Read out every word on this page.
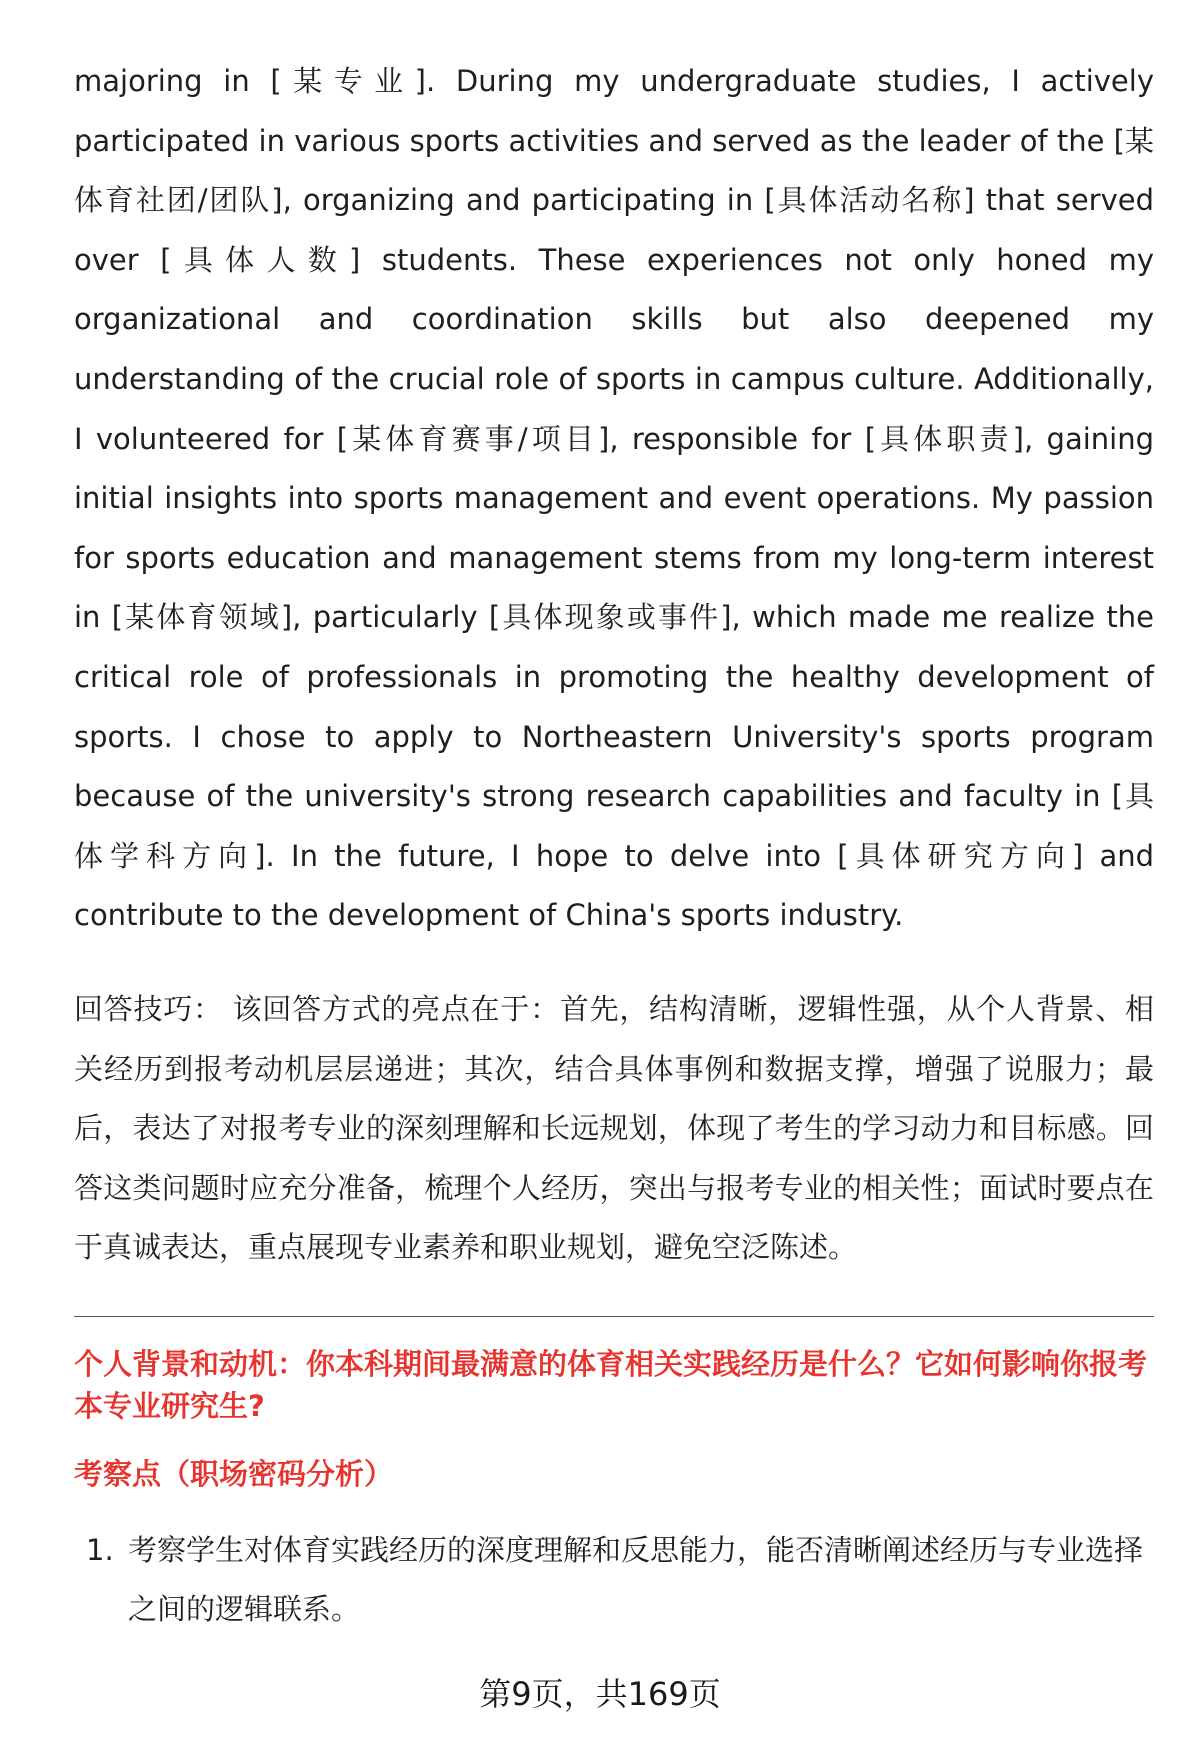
majoring in [某专业]. During my undergraduate studies, I actively participated in various sports activities and served as the leader of the [某体育社团/团队], organizing and participating in [具体活动名称] that served over [具体人数] students. These experiences not only honed my organizational and coordination skills but also deepened my understanding of the crucial role of sports in campus culture. Additionally, I volunteered for [某体育赛事/项目], responsible for [具体职责], gaining initial insights into sports management and event operations. My passion for sports education and management stems from my long-term interest in [某体育领域], particularly [具体现象或事件], which made me realize the critical role of professionals in promoting the healthy development of sports. I chose to apply to Northeastern University's sports program because of the university's strong research capabilities and faculty in [具体学科方向]. In the future, I hope to delve into [具体研究方向] and contribute to the development of China's sports industry.

回答技巧： 该回答方式的亮点在于：首先，结构清晰，逻辑性强，从个人背景、相关经历到报考动机层层递进；其次，结合具体事例和数据支撑，增强了说服力；最后，表达了对报考专业的深刻理解和长远规划，体现了考生的学习动力和目标感。回答这类问题时应充分准备，梳理个人经历，突出与报考专业的相关性；面试时要点在于真诚表达，重点展现专业素养和职业规划，避免空泛陈述。

个人背景和动机：你本科期间最满意的体育相关实践经历是什么？它如何影响你报考本专业研究生?
考察点（职场密码分析）
1. 考察学生对体育实践经历的深度理解和反思能力，能否清晰阐述经历与专业选择之间的逻辑联系。
第9页，共169页
